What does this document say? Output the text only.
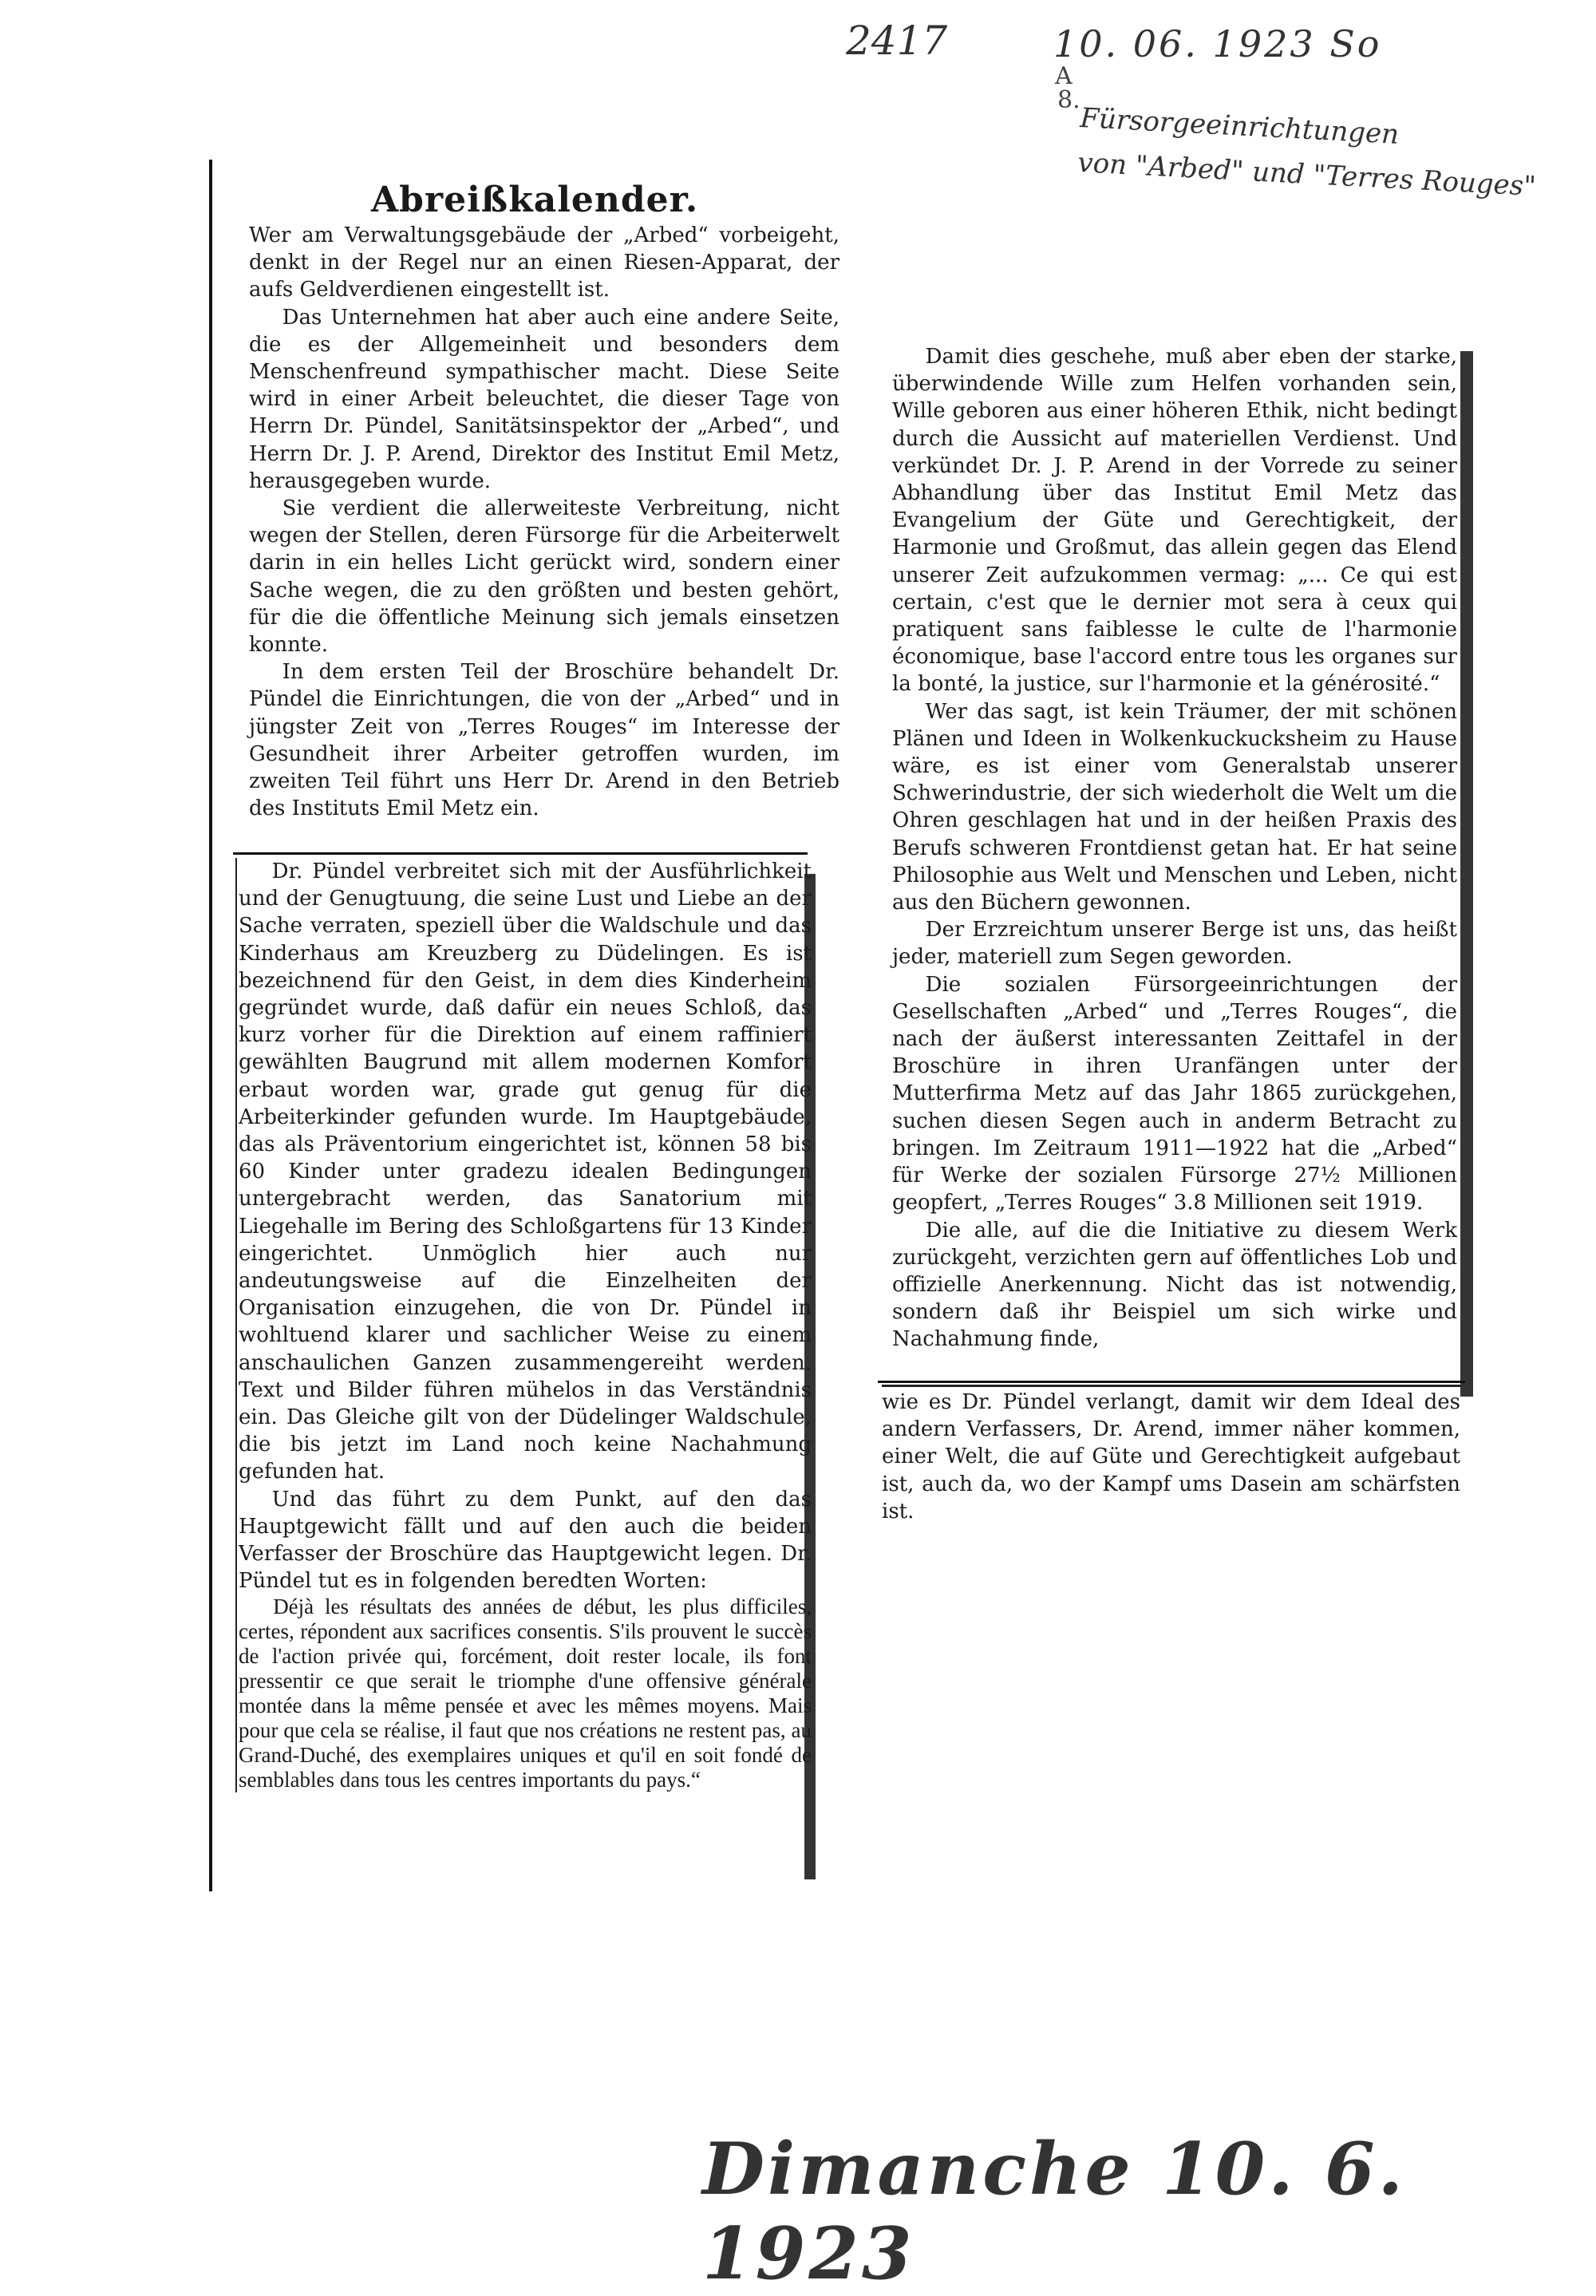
2417	10. 06. 1923 So
A
8.
Fürsorgeeinrichtungen
von "Arbed" und "Terres Rouges"
Abreißkalender.

Wer am Verwaltungsgebäude der „Arbed“ vorbeigeht, denkt in der Regel nur an einen Riesen-Apparat, der aufs Geldverdienen eingestellt ist.

Das Unternehmen hat aber auch eine andere Seite, die es der Allgemeinheit und besonders dem Menschenfreund sympathischer macht. Diese Seite wird in einer Arbeit beleuchtet, die dieser Tage von Herrn Dr. Pündel, Sanitätsinspektor der „Arbed“, und Herrn Dr. J. P. Arend, Direktor des Institut Emil Metz, herausgegeben wurde.

Sie verdient die allerweiteste Verbreitung, nicht wegen der Stellen, deren Fürsorge für die Arbeiterwelt darin in ein helles Licht gerückt wird, sondern einer Sache wegen, die zu den größten und besten gehört, für die die öffentliche Meinung sich jemals einsetzen konnte.

In dem ersten Teil der Broschüre behandelt Dr. Pündel die Einrichtungen, die von der „Arbed“ und in jüngster Zeit von „Terres Rouges“ im Interesse der Gesundheit ihrer Arbeiter getroffen wurden, im zweiten Teil führt uns Herr Dr. Arend in den Betrieb des Instituts Emil Metz ein.

Dr. Pündel verbreitet sich mit der Ausführlichkeit und der Genugtuung, die seine Lust und Liebe an der Sache verraten, speziell über die Waldschule und das Kinderhaus am Kreuzberg zu Düdelingen. Es ist bezeichnend für den Geist, in dem dies Kinderheim gegründet wurde, daß dafür ein neues Schloß, das kurz vorher für die Direktion auf einem raffiniert gewählten Baugrund mit allem modernen Komfort erbaut worden war, grade gut genug für die Arbeiterkinder gefunden wurde. Im Hauptgebäude, das als Präventorium eingerichtet ist, können 58 bis 60 Kinder unter gradezu idealen Bedingungen untergebracht werden, das Sanatorium mit Liegehalle im Bering des Schloßgartens für 13 Kinder eingerichtet. Unmöglich hier auch nur andeutungsweise auf die Einzelheiten der Organisation einzugehen, die von Dr. Pündel in wohltuend klarer und sachlicher Weise zu einem anschaulichen Ganzen zusammengereiht werden. Text und Bilder führen mühelos in das Verständnis ein. Das Gleiche gilt von der Düdelinger Waldschule, die bis jetzt im Land noch keine Nachahmung gefunden hat.

Und das führt zu dem Punkt, auf den das Hauptgewicht fällt und auf den auch die beiden Verfasser der Broschüre das Hauptgewicht legen. Dr. Pündel tut es in folgenden beredten Worten:

Déjà les résultats des années de début, les plus difficiles, certes, répondent aux sacrifices consentis. S'ils prouvent le succès de l'action privée qui, forcément, doit rester locale, ils font pressentir ce que serait le triomphe d'une offensive générale montée dans la même pensée et avec les mêmes moyens. Mais pour que cela se réalise, il faut que nos créations ne restent pas, au Grand-Duché, des exemplaires uniques et qu'il en soit fondé de semblables dans tous les centres importants du pays.“

Damit dies geschehe, muß aber eben der starke, überwindende Wille zum Helfen vorhanden sein, Wille geboren aus einer höheren Ethik, nicht bedingt durch die Aussicht auf materiellen Verdienst. Und verkündet Dr. J. P. Arend in der Vorrede zu seiner Abhandlung über das Institut Emil Metz das Evangelium der Güte und Gerechtigkeit, der Harmonie und Großmut, das allein gegen das Elend unserer Zeit aufzukommen vermag: „... Ce qui est certain, c'est que le dernier mot sera à ceux qui pratiquent sans faiblesse le culte de l'harmonie économique, base l'accord entre tous les organes sur la bonté, la justice, sur l'harmonie et la générosité.“

Wer das sagt, ist kein Träumer, der mit schönen Plänen und Ideen in Wolkenkuckucksheim zu Hause wäre, es ist einer vom Generalstab unserer Schwerindustrie, der sich wiederholt die Welt um die Ohren geschlagen hat und in der heißen Praxis des Berufs schweren Frontdienst getan hat. Er hat seine Philosophie aus Welt und Menschen und Leben, nicht aus den Büchern gewonnen.

Der Erzreichtum unserer Berge ist uns, das heißt jeder, materiell zum Segen geworden.

Die sozialen Fürsorgeeinrichtungen der Gesellschaften „Arbed“ und „Terres Rouges“, die nach der äußerst interessanten Zeittafel in der Broschüre in ihren Uranfängen unter der Mutterfirma Metz auf das Jahr 1865 zurückgehen, suchen diesen Segen auch in anderm Betracht zu bringen. Im Zeitraum 1911—1922 hat die „Arbed“ für Werke der sozialen Fürsorge 27½ Millionen geopfert, „Terres Rouges“ 3.8 Millionen seit 1919.

Die alle, auf die die Initiative zu diesem Werk zurückgeht, verzichten gern auf öffentliches Lob und offizielle Anerkennung. Nicht das ist notwendig, sondern daß ihr Beispiel um sich wirke und Nachahmung finde,

wie es Dr. Pündel verlangt, damit wir dem Ideal des andern Verfassers, Dr. Arend, immer näher kommen, einer Welt, die auf Güte und Gerechtigkeit aufgebaut ist, auch da, wo der Kampf ums Dasein am schärfsten ist.

Dimanche 10. 6. 1923
